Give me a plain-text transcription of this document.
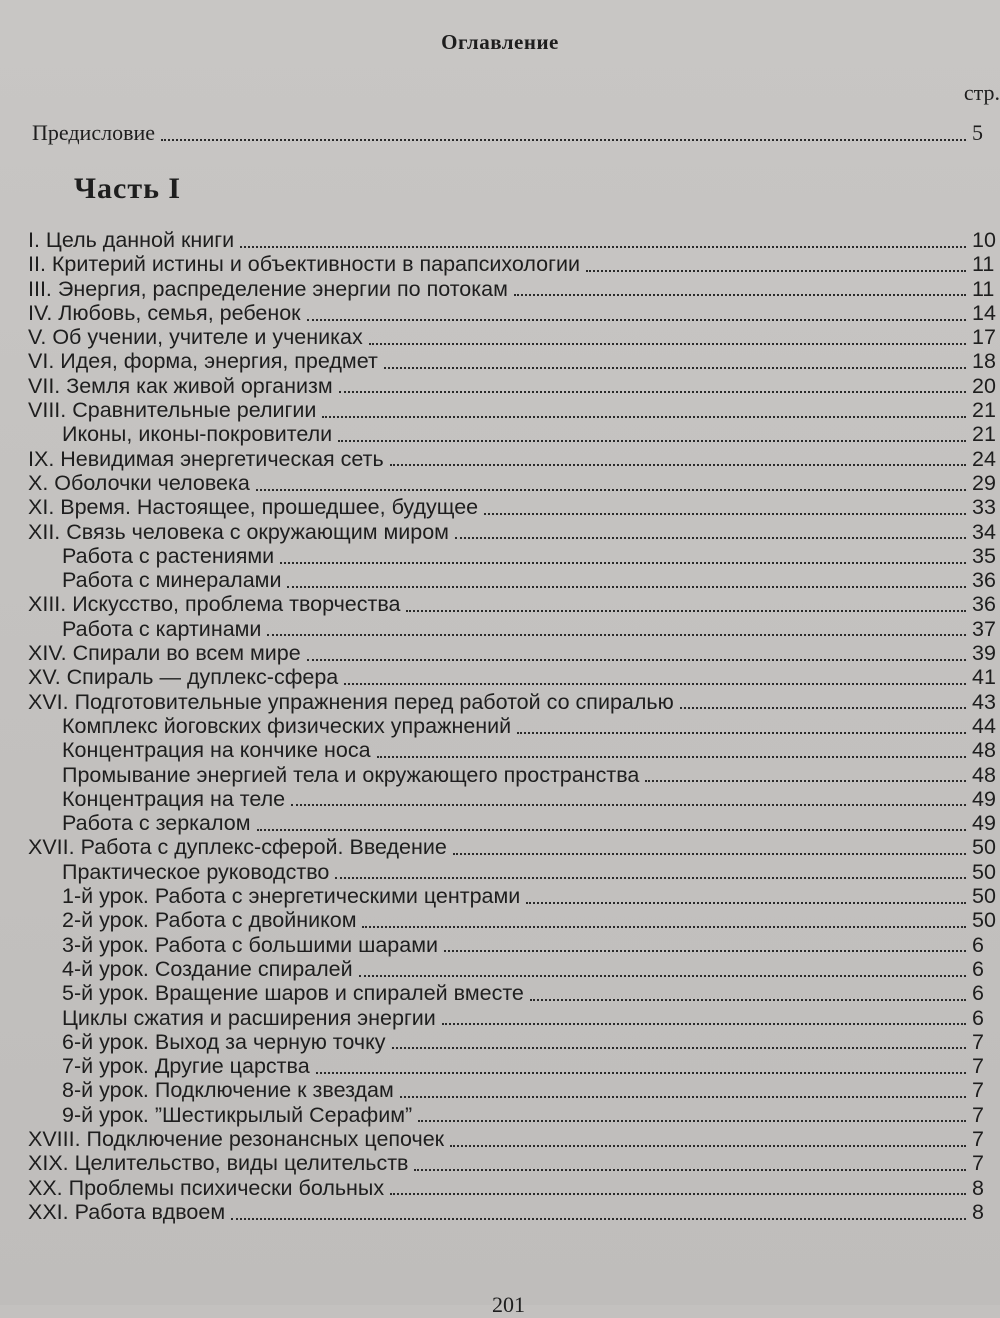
Оглавление
стр.
Предисловие	5
Часть I
I. Цель данной книги	10
II. Критерий истины и объективности в парапсихологии	11
III. Энергия, распределение энергии по потокам	11
IV. Любовь, семья, ребенок	14
V. Об учении, учителе и учениках	17
VI. Идея, форма, энергия, предмет	18
VII. Земля как живой организм	20
VIII. Сравнительные религии	21
Иконы, иконы-покровители	21
IX. Невидимая энергетическая сеть	24
X. Оболочки человека	29
XI. Время. Настоящее, прошедшее, будущее	33
XII. Связь человека с окружающим миром	34
Работа с растениями	35
Работа с минералами	36
XIII. Искусство, проблема творчества	36
Работа с картинами	37
XIV. Спирали во всем мире	39
XV. Спираль — дуплекс-сфера	41
XVI. Подготовительные упражнения перед работой со спиралью	43
Комплекс йоговских физических упражнений	44
Концентрация на кончике носа	48
Промывание энергией тела и окружающего пространства	48
Концентрация на теле	49
Работа с зеркалом	49
XVII. Работа с дуплекс-сферой. Введение	50
Практическое руководство	50
1-й урок. Работа с энергетическими центрами	50
2-й урок. Работа с двойником	50
3-й урок. Работа с большими шарами	6
4-й урок. Создание спиралей	6
5-й урок. Вращение шаров и спиралей вместе	6
Циклы сжатия и расширения энергии	6
6-й урок. Выход за черную точку	7
7-й урок. Другие царства	7
8-й урок. Подключение к звездам	7
9-й урок. ”Шестикрылый Серафим”	7
XVIII. Подключение резонансных цепочек	7
XIX. Целительство, виды целительств	7
XX. Проблемы психически больных	8
XXI. Работа вдвоем	8
201
